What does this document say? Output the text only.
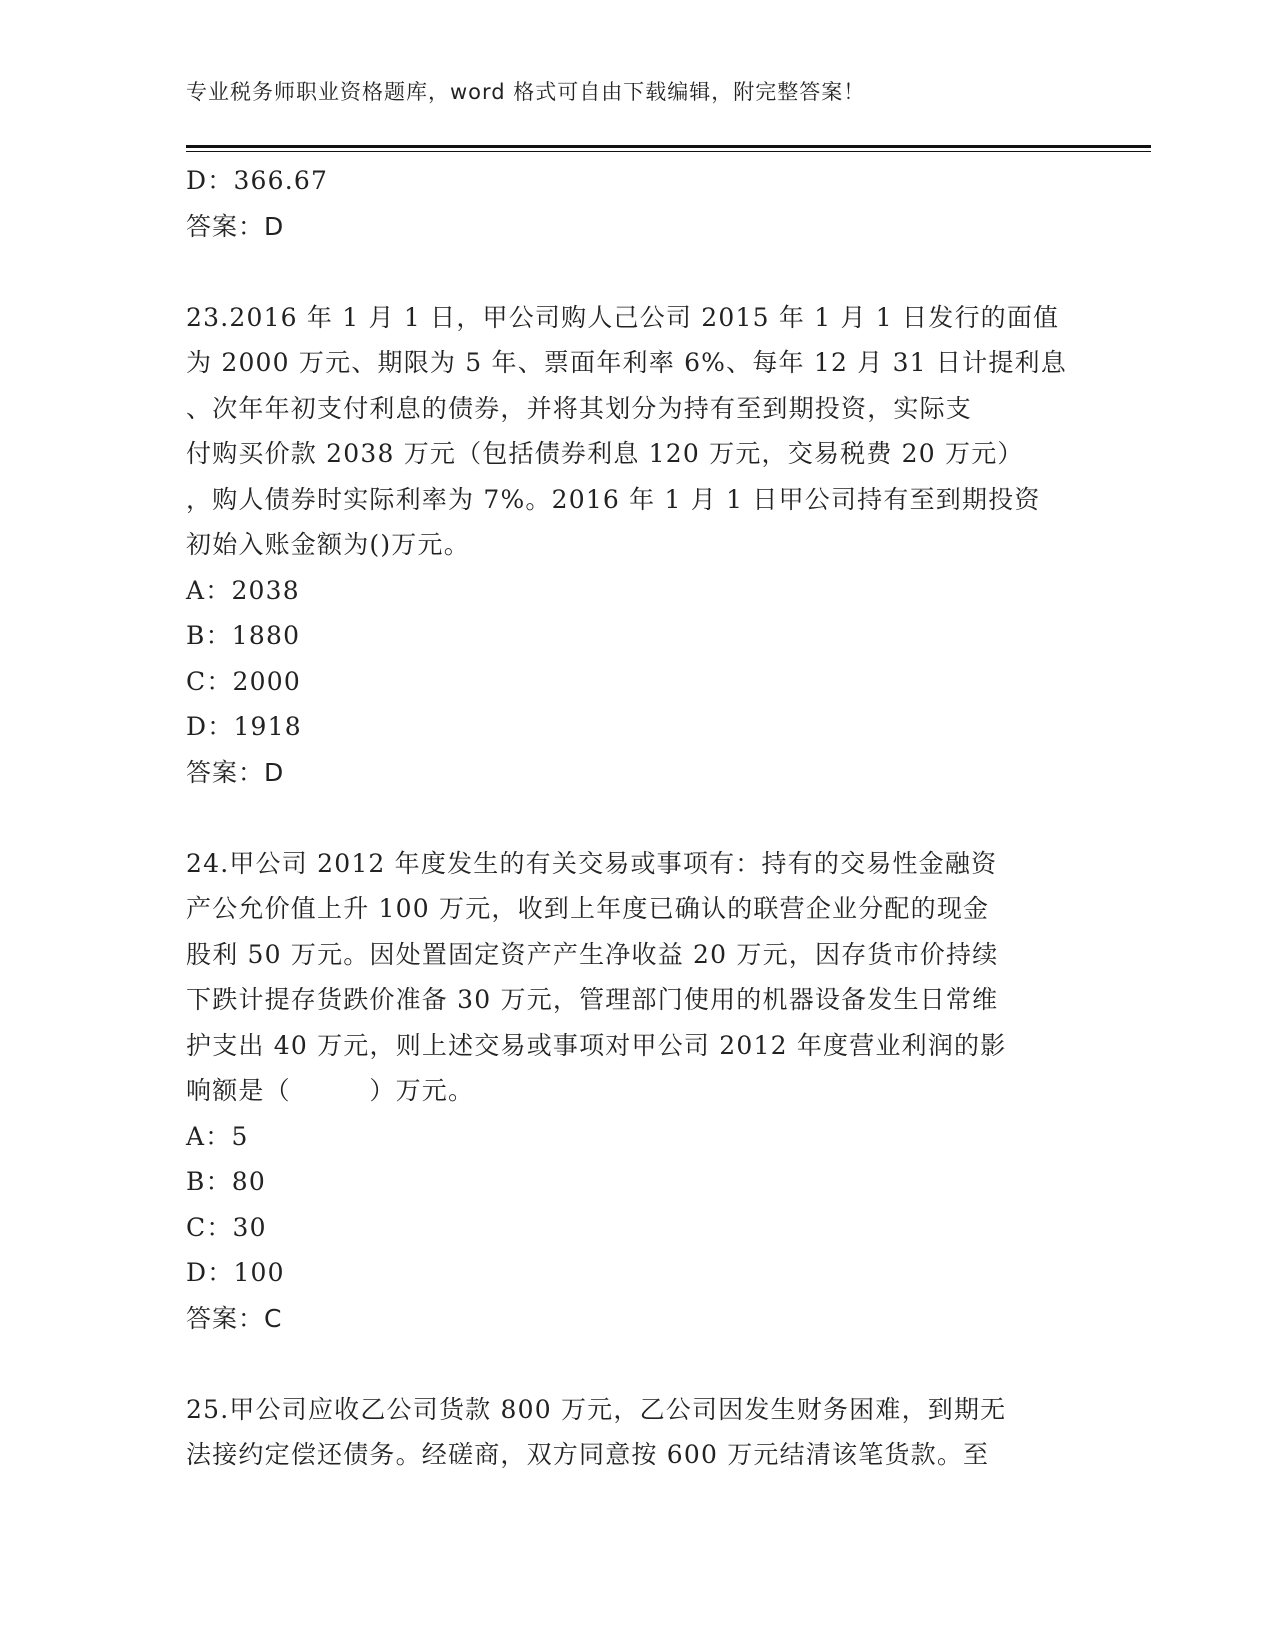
专业税务师职业资格题库，word 格式可自由下载编辑，附完整答案！
D：366.67
答案：D
23.2016 年 1 月 1 日，甲公司购人己公司 2015 年 1 月 1 日发行的面值
为 2000 万元、期限为 5 年、票面年利率 6%、每年 12 月 31 日计提利息
、次年年初支付利息的债券，并将其划分为持有至到期投资，实际支
付购买价款 2038 万元（包括债券利息 120 万元，交易税费 20 万元）
，购人债券时实际利率为 7%。2016 年 1 月 1 日甲公司持有至到期投资
初始入账金额为()万元。
A：2038
B：1880
C：2000
D：1918
答案：D
24.甲公司 2012 年度发生的有关交易或事项有：持有的交易性金融资
产公允价值上升 100 万元，收到上年度已确认的联营企业分配的现金
股利 50 万元。因处置固定资产产生净收益 20 万元，因存货市价持续
下跌计提存货跌价准备 30 万元，管理部门使用的机器设备发生日常维
护支出 40 万元，则上述交易或事项对甲公司 2012 年度营业利润的影
响额是（　　　）万元。
A：5
B：80
C：30
D：100
答案：C
25.甲公司应收乙公司货款 800 万元，乙公司因发生财务困难，到期无
法接约定偿还债务。经磋商，双方同意按 600 万元结清该笔货款。至
